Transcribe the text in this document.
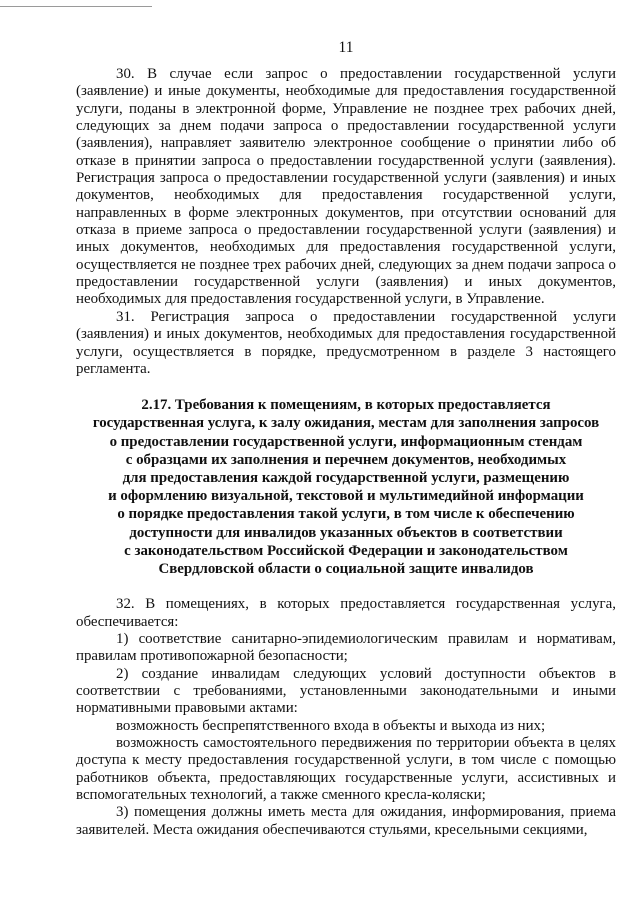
11

30. В случае если запрос о предоставлении государственной услуги (заявление) и иные документы, необходимые для предоставления государственной услуги, поданы в электронной форме, Управление не позднее трех рабочих дней, следующих за днем подачи запроса о предоставлении государственной услуги (заявления), направляет заявителю электронное сообщение о принятии либо об отказе в принятии запроса о предоставлении государственной услуги (заявления). Регистрация запроса о предоставлении государственной услуги (заявления) и иных документов, необходимых для предоставления государственной услуги, направленных в форме электронных документов, при отсутствии оснований для отказа в приеме запроса о предоставлении государственной услуги (заявления) и иных документов, необходимых для предоставления государственной услуги, осуществляется не позднее трех рабочих дней, следующих за днем подачи запроса о предоставлении государственной услуги (заявления) и иных документов, необходимых для предоставления государственной услуги, в Управление.

31. Регистрация запроса о предоставлении государственной услуги (заявления) и иных документов, необходимых для предоставления государственной услуги, осуществляется в порядке, предусмотренном в разделе 3 настоящего регламента.

2.17. Требования к помещениям, в которых предоставляется
государственная услуга, к залу ожидания, местам для заполнения запросов
о предоставлении государственной услуги, информационным стендам
с образцами их заполнения и перечнем документов, необходимых
для предоставления каждой государственной услуги, размещению
и оформлению визуальной, текстовой и мультимедийной информации
о порядке предоставления такой услуги, в том числе к обеспечению
доступности для инвалидов указанных объектов в соответствии
с законодательством Российской Федерации и законодательством
Свердловской области о социальной защите инвалидов

32. В помещениях, в которых предоставляется государственная услуга, обеспечивается:

1) соответствие санитарно-эпидемиологическим правилам и нормативам, правилам противопожарной безопасности;

2) создание инвалидам следующих условий доступности объектов в соответствии с требованиями, установленными законодательными и иными нормативными правовыми актами:

возможность беспрепятственного входа в объекты и выхода из них;

возможность самостоятельного передвижения по территории объекта в целях доступа к месту предоставления государственной услуги, в том числе с помощью работников объекта, предоставляющих государственные услуги, ассистивных и вспомогательных технологий, а также сменного кресла-коляски;

3) помещения должны иметь места для ожидания, информирования, приема заявителей. Места ожидания обеспечиваются стульями, кресельными секциями,
